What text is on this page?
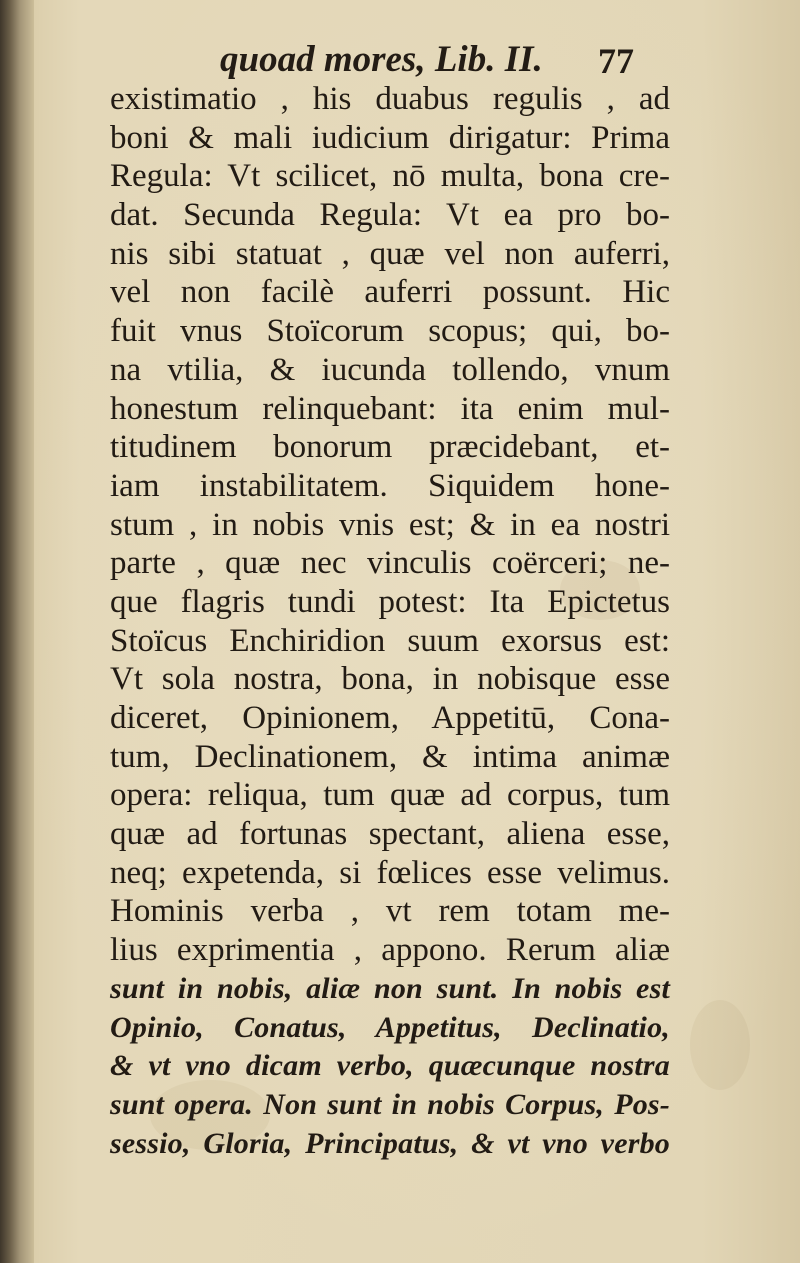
quoad mores, Lib. II. 77
existimatio , his duabus regulis , ad
boni & mali iudicium dirigatur: Prima
Regula: Vt scilicet, nō multa, bona cre-
dat. Secunda Regula: Vt ea pro bo-
nis sibi statuat , quæ vel non auferri,
vel non facilè auferri possunt. Hic
fuit vnus Stoïcorum scopus; qui, bo-
na vtilia, & iucunda tollendo, vnum
honestum relinquebant: ita enim mul-
titudinem bonorum præcidebant, et-
iam instabilitatem. Siquidem hone-
stum , in nobis vnis est; & in ea nostri
parte , quæ nec vinculis coërceri; ne-
que flagris tundi potest: Ita Epictetus
Stoïcus Enchiridion suum exorsus est:
Vt sola nostra, bona, in nobisque esse
diceret, Opinionem, Appetitū, Cona-
tum, Declinationem, & intima animæ
opera: reliqua, tum quæ ad corpus, tum
quæ ad fortunas spectant, aliena esse,
neq; expetenda, si fœlices esse velimus.
Hominis verba , vt rem totam me-
lius exprimentia , appono. Rerum aliæ
sunt in nobis, aliæ non sunt. In nobis est
Opinio, Conatus, Appetitus, Declinatio,
& vt vno dicam verbo, quæcunque nostra
sunt opera. Non sunt in nobis Corpus, Pos-
sessio, Gloria, Principatus, & vt vno verbo
